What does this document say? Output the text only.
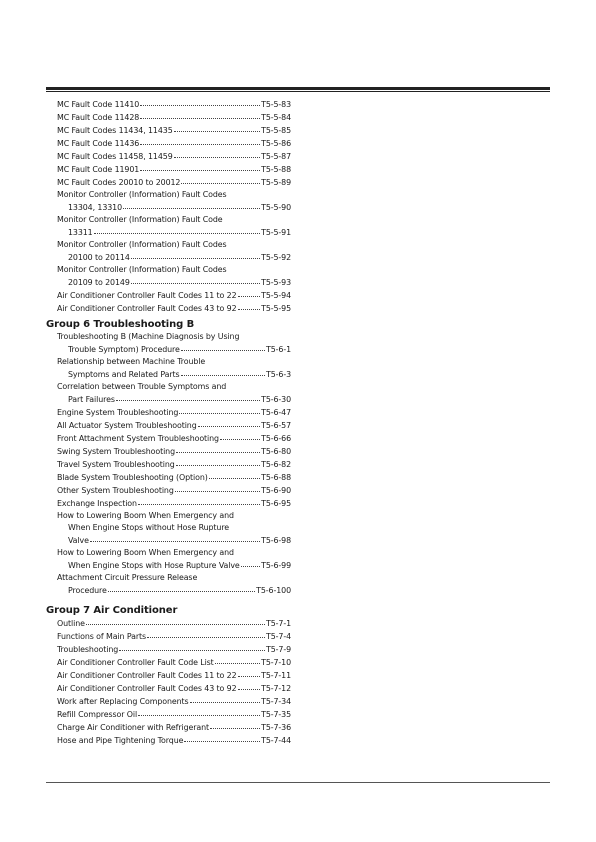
MC Fault Code 11410	T5-5-83
MC Fault Code 11428	T5-5-84
MC Fault Codes 11434, 11435	T5-5-85
MC Fault Code 11436	T5-5-86
MC Fault Codes 11458, 11459	T5-5-87
MC Fault Code 11901	T5-5-88
MC Fault Codes 20010 to 20012	T5-5-89
Monitor Controller (Information) Fault Codes
13304, 13310	T5-5-90
Monitor Controller (Information) Fault Code
13311	T5-5-91
Monitor Controller (Information) Fault Codes
20100 to 20114	T5-5-92
Monitor Controller (Information) Fault Codes
20109 to 20149	T5-5-93
Air Conditioner Controller Fault Codes 11 to 22	T5-5-94
Air Conditioner Controller Fault Codes 43 to 92	T5-5-95
Group 6 Troubleshooting B
Troubleshooting B (Machine Diagnosis by Using
Trouble Symptom) Procedure	T5-6-1
Relationship between Machine Trouble
Symptoms and Related Parts	T5-6-3
Correlation between Trouble Symptoms and
Part Failures	T5-6-30
Engine System Troubleshooting	T5-6-47
All Actuator System Troubleshooting	T5-6-57
Front Attachment System Troubleshooting	T5-6-66
Swing System Troubleshooting	T5-6-80
Travel System Troubleshooting	T5-6-82
Blade System Troubleshooting (Option)	T5-6-88
Other System Troubleshooting	T5-6-90
Exchange Inspection	T5-6-95
How to Lowering Boom When Emergency and
When Engine Stops without Hose Rupture
Valve	T5-6-98
How to Lowering Boom When Emergency and
When Engine Stops with Hose Rupture Valve	T5-6-99
Attachment Circuit Pressure Release
Procedure	T5-6-100
Group 7 Air Conditioner
Outline	T5-7-1
Functions of Main Parts	T5-7-4
Troubleshooting	T5-7-9
Air Conditioner Controller Fault Code List	T5-7-10
Air Conditioner Controller Fault Codes 11 to 22	T5-7-11
Air Conditioner Controller Fault Codes 43 to 92	T5-7-12
Work after Replacing Components	T5-7-34
Refill Compressor Oil	T5-7-35
Charge Air Conditioner with Refrigerant	T5-7-36
Hose and Pipe Tightening Torque	T5-7-44
